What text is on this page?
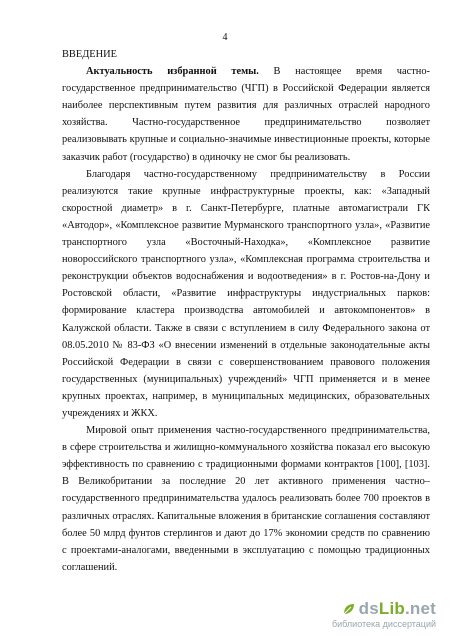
4
ВВЕДЕНИЕ

Актуальность избранной темы. В настоящее время частно-государственное предпринимательство (ЧГП) в Российской Федерации является наиболее перспективным путем развития для различных отраслей народного хозяйства. Частно-государственное предпринимательство позволяет реализовывать крупные и социально-значимые инвестиционные проекты, которые заказчик работ (государство) в одиночку не смог бы реализовать.

Благодаря частно-государственному предпринимательству в России реализуются такие крупные инфраструктурные проекты, как: «Западный скоростной диаметр» в г. Санкт-Петербурге, платные автомагистрали ГК «Автодор», «Комплексное развитие Мурманского транспортного узла», «Развитие транспортного узла «Восточный-Находка», «Комплексное развитие новороссийского транспортного узла», «Комплексная программа строительства и реконструкции объектов водоснабжения и водоотведения» в г. Ростов-на-Дону и Ростовской области, «Развитие инфраструктуры индустриальных парков: формирование кластера производства автомобилей и автокомпонентов» в Калужской области. Также в связи с вступлением в силу Федерального закона от 08.05.2010 № 83-ФЗ «О внесении изменений в отдельные законодательные акты Российской Федерации в связи с совершенствованием правового положения государственных (муниципальных) учреждений» ЧГП применяется и в менее крупных проектах, например, в муниципальных медицинских, образовательных учреждениях и ЖКХ.

Мировой опыт применения частно-государственного предпринимательства, в сфере строительства и жилищно-коммунального хозяйства показал его высокую эффективность по сравнению с традиционными формами контрактов [100], [103]. В Великобритании за последние 20 лет активного применения частно–государственного предпринимательства удалось реализовать более 700 проектов в различных отраслях. Капитальные вложения в британские соглашения составляют более 50 млрд фунтов стерлингов и дают до 17% экономии средств по сравнению с проектами-аналогами, введенными в эксплуатацию с помощью традиционных соглашений.

dsLib.net
библиотека диссертаций
